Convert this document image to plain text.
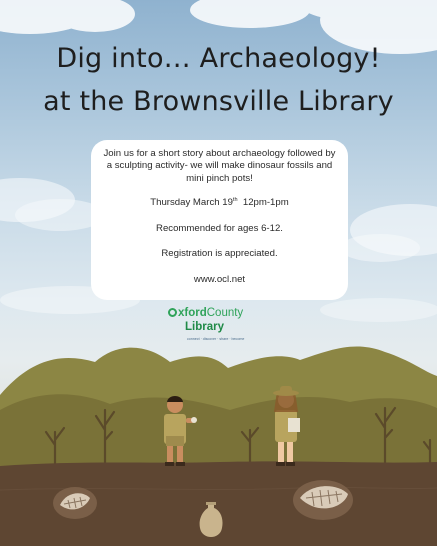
Dig into… Archaeology!
at the Brownsville Library

Join us for a short story about archaeology followed by a sculpting activity- we will make dinosaur fossils and mini pinch pots!

Thursday March 19th 12pm-1pm

Recommended for ages 6-12.

Registration is appreciated.

www.ocl.net

xfordCounty
Library
connect · discover · share · become
